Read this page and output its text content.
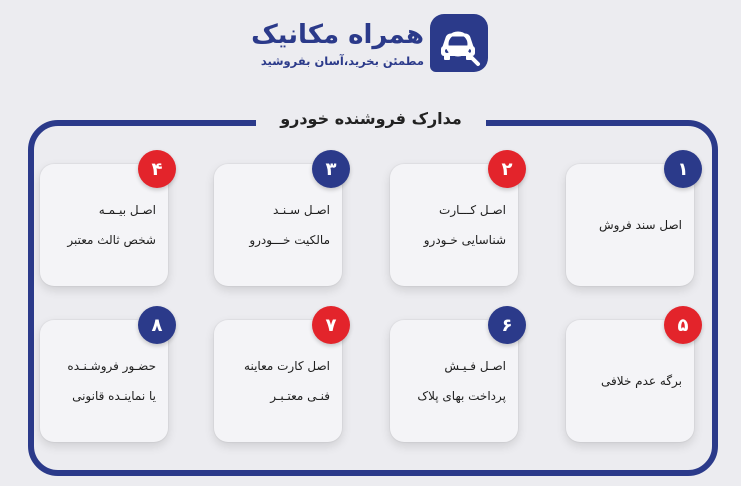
همراه مکانیک
مطمئن بخرید،آسان بفروشید
مدارک فروشنده خودرو
اصل سند فروش
۱
اصـل کـــارت
شناسایی خـودرو
۲
اصـل سـنـد
مالکیت خـــودرو
۳
اصـل بیـمـه
شخص ثالث معتبر
۴
برگه عدم خلافی
۵
اصـل فـیـش
پرداخت بهای پلاک
۶
اصل کارت معاینه
فنـی معتـبـر
۷
حضـور فروشـنـده
یا نماینـده قانونی
۸
